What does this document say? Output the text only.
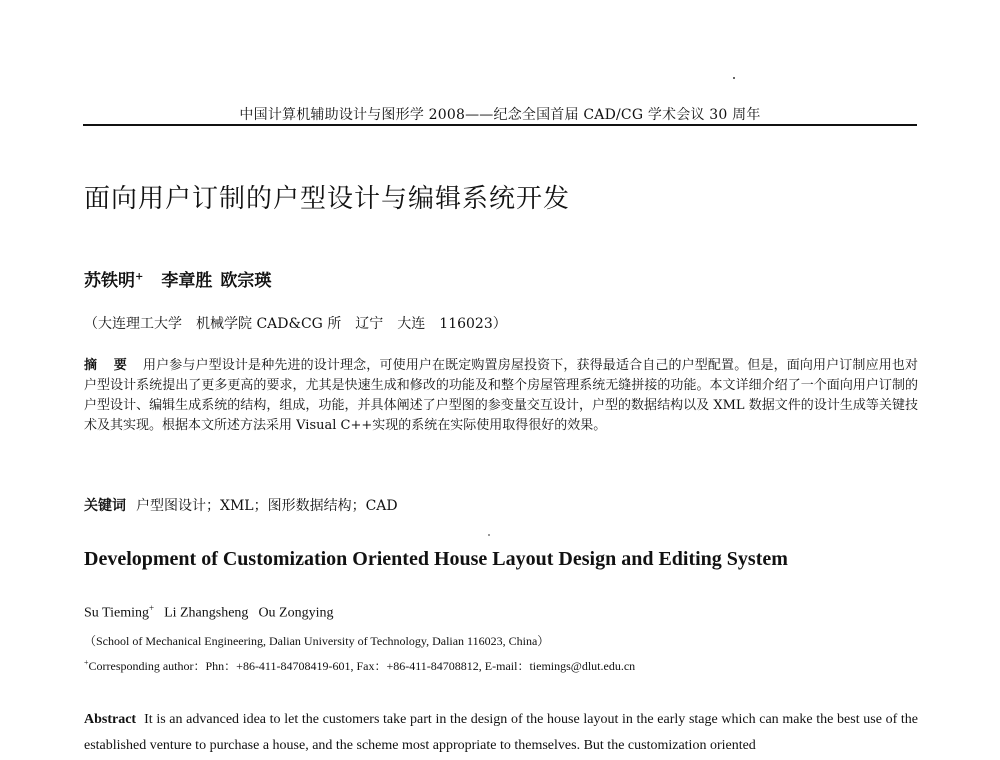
中国计算机辅助设计与图形学 2008——纪念全国首届 CAD/CG 学术会议 30 周年
面向用户订制的户型设计与编辑系统开发
苏铁明+ 李章胜 欧宗瑛
（大连理工大学　机械学院 CAD&CG 所　辽宁　大连　116023）
摘 要 用户参与户型设计是种先进的设计理念，可使用户在既定购置房屋投资下，获得最适合自己的户型配置。但是，面向用户订制应用也对户型设计系统提出了更多更高的要求，尤其是快速生成和修改的功能及和整个房屋管理系统无缝拼接的功能。本文详细介绍了一个面向用户订制的户型设计、编辑生成系统的结构，组成，功能，并具体阐述了户型图的参变量交互设计，户型的数据结构以及 XML 数据文件的设计生成等关键技术及其实现。根据本文所述方法采用 Visual C++实现的系统在实际使用取得很好的效果。
关键词 户型图设计；XML；图形数据结构；CAD
Development of Customization Oriented House Layout Design and Editing System
Su Tieming+ Li Zhangsheng Ou Zongying
（School of Mechanical Engineering, Dalian University of Technology, Dalian 116023, China）
+Corresponding author：Phn：+86-411-84708419-601, Fax：+86-411-84708812, E-mail：tiemings@dlut.edu.cn
Abstract It is an advanced idea to let the customers take part in the design of the house layout in the early stage which can make the best use of the established venture to purchase a house, and the scheme most appropriate to themselves. But the customization oriented
